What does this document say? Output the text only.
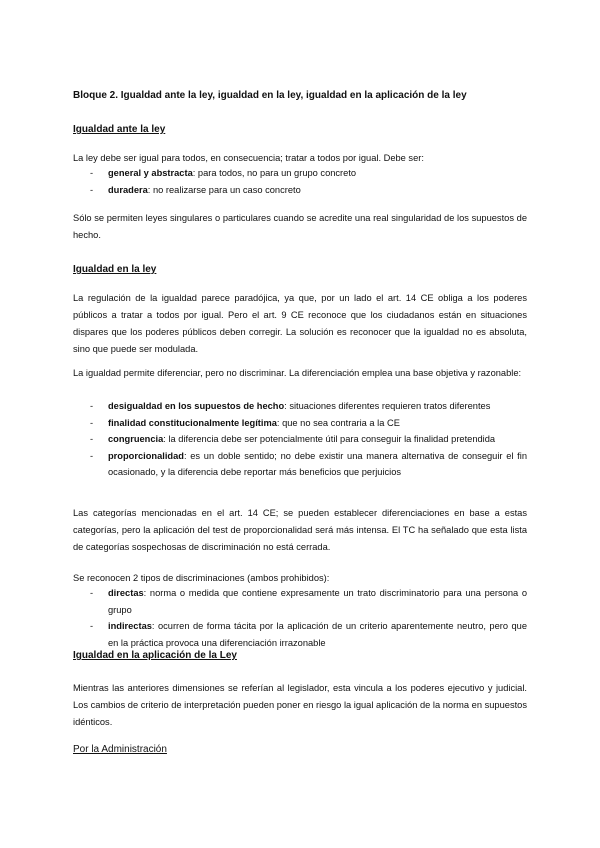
Bloque 2. Igualdad ante la ley, igualdad en la ley, igualdad en la aplicación de la ley
Igualdad ante la ley

La ley debe ser igual para todos, en consecuencia; tratar a todos por igual. Debe ser:

- general y abstracta: para todos, no para un grupo concreto
- duradera: no realizarse para un caso concreto

Sólo se permiten leyes singulares o particulares cuando se acredite una real singularidad de los supuestos de hecho.

Igualdad en la ley

La regulación de la igualdad parece paradójica, ya que, por un lado el art. 14 CE obliga a los poderes públicos a tratar a todos por igual. Pero el art. 9 CE reconoce que los ciudadanos están en situaciones dispares que los poderes públicos deben corregir. La solución es reconocer que la igualdad no es absoluta, sino que puede ser modulada.

La igualdad permite diferenciar, pero no discriminar. La diferenciación emplea una base objetiva y razonable:

- desigualdad en los supuestos de hecho: situaciones diferentes requieren tratos diferentes
- finalidad constitucionalmente legítima: que no sea contraria a la CE
- congruencia: la diferencia debe ser potencialmente útil para conseguir la finalidad pretendida
- proporcionalidad: es un doble sentido; no debe existir una manera alternativa de conseguir el fin ocasionado, y la diferencia debe reportar más beneficios que perjuicios

Las categorías mencionadas en el art. 14 CE; se pueden establecer diferenciaciones en base a estas categorías, pero la aplicación del test de proporcionalidad será más intensa. El TC ha señalado que esta lista de categorías sospechosas de discriminación no está cerrada.

Se reconocen 2 tipos de discriminaciones (ambos prohibidos):

- directas: norma o medida que contiene expresamente un trato discriminatorio para una persona o grupo
- indirectas: ocurren de forma tácita por la aplicación de un criterio aparentemente neutro, pero que en la práctica provoca una diferenciación irrazonable
Igualdad en la aplicación de la Ley

Mientras las anteriores dimensiones se referían al legislador, esta vincula a los poderes ejecutivo y judicial. Los cambios de criterio de interpretación pueden poner en riesgo la igual aplicación de la norma en supuestos idénticos.

Por la Administración
